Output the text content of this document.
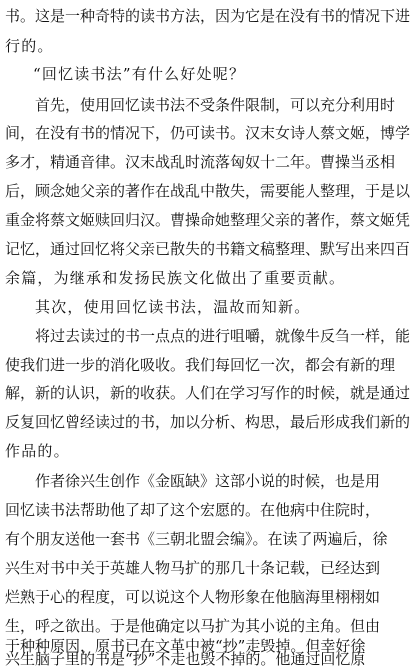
书。这是一种奇特的读书方法，因为它是在没有书的情况下进
行的。
“回忆读书法”有什么好处呢？
首先，使用回忆读书法不受条件限制，可以充分利用时
间，在没有书的情况下，仍可读书。汉末女诗人蔡文姬，博学
多才，精通音律。汉末战乱时流落匈奴十二年。曹操当丞相
后，顾念她父亲的著作在战乱中散失，需要能人整理，于是以
重金将蔡文姬赎回归汉。曹操命她整理父亲的著作，蔡文姬凭
记忆，通过回忆将父亲已散失的书籍文稿整理、默写出来四百
余篇，为继承和发扬民族文化做出了重要贡献。
其次，使用回忆读书法，温故而知新。
将过去读过的书一点点的进行咀嚼，就像牛反刍一样，能
使我们进一步的消化吸收。我们每回忆一次，都会有新的理
解，新的认识，新的收获。人们在学习写作的时候，就是通过
反复回忆曾经读过的书，加以分析、构思，最后形成我们新的
作品的。
作者徐兴生创作《金瓯缺》这部小说的时候，也是用
回忆读书法帮助他了却了这个宏愿的。在他病中住院时，
有个朋友送他一套书《三朝北盟会编》。在读了两遍后，徐
兴生对书中关于英雄人物马扩的那几十条记载，已经达到
烂熟于心的程度，可以说这个人物形象在他脑海里栩栩如
生，呼之欲出。于是他确定以马扩为其小说的主角。但由
于种种原因，原书已在文革中被“抄”走毁掉。但幸好徐
兴生脑子里的书是“抄”不走也毁不掉的。他通过回忆原
